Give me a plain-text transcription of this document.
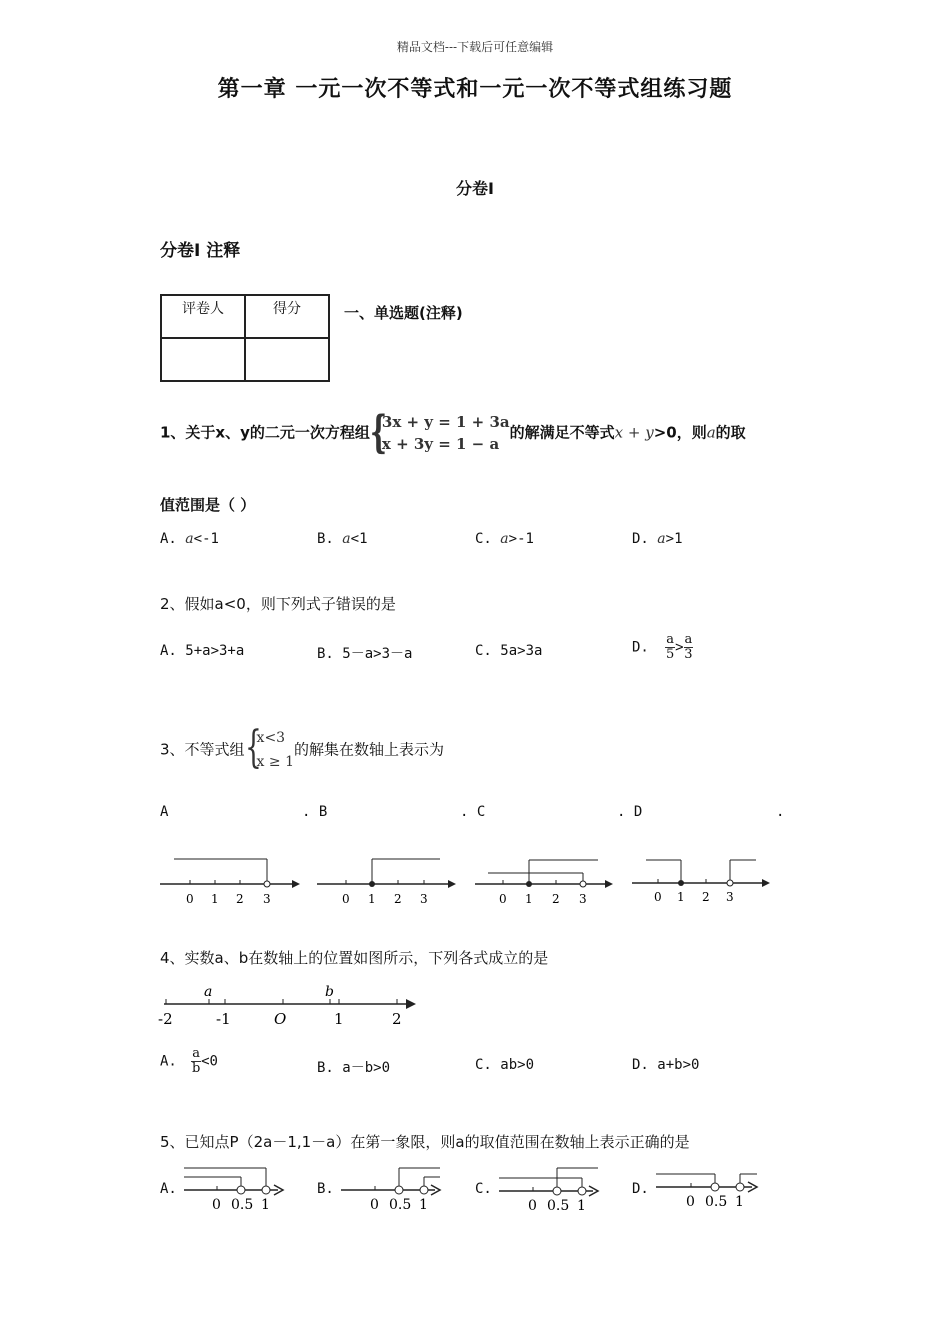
精品文档---下载后可任意编辑
第一章 一元一次不等式和一元一次不等式组练习题
分卷I
分卷I 注释
评卷人	得分
		一、单选题(注释)
1、关于x、y的二元一次方程组 {
3x + y = 1 + 3a
x + 3y = 1 − a
的解满足不等式x + y>0，则a的取
值范围是（ ）
A. a<-1	B. a<1	C. a>-1	D. a>1
2、假如a<0，则下列式子错误的是
A. 5+a>3+a	B. 5－a>3－a	C. 5a>3a	D. $\frac{a}{5} > \frac{a}{3}$
3、不等式组 {
x<3
x ≥ 1
的解集在数轴上表示为
A	. B	. C	. D	.
0 1 2 3	0 1 2 3	0 1 2 3	0 1 2 3
4、实数a、b在数轴上的位置如图所示，下列各式成立的是
a	b
-2	-1	O	1	2
A. $\frac{a}{b} <0$	B. a－b>0	C. ab>0	D. a+b>0
5、已知点P（2a－1,1－a）在第一象限，则a的取值范围在数轴上表示正确的是
A.	B.	C.	D.
0 0.5 1	0 0.5 1	0 0.5 1	0 0.5 1
